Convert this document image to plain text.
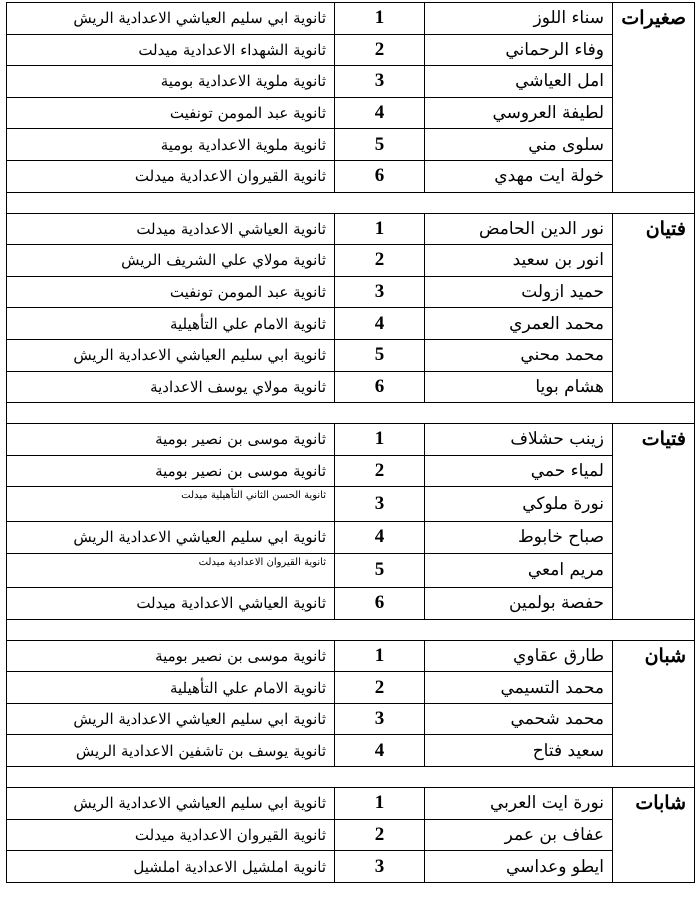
صغيرات	سناء اللوز	1	ثانوية ابي سليم العياشي الاعدادية الريش
	وفاء الرحماني	2	ثانوية الشهداء الاعدادية ميدلت
	امل العياشي	3	ثانوية ملوية الاعدادية بومية
	لطيفة العروسي	4	ثانوية عبد المومن تونفيت
	سلوى مني	5	ثانوية ملوية الاعدادية بومية
	خولة ايت مهدي	6	ثانوية القيروان الاعدادية ميدلت

فتيان	نور الدين الحامض	1	ثانوية العياشي الاعدادية ميدلت
	انور بن سعيد	2	ثانوية مولاي علي الشريف الريش
	حميد ازولت	3	ثانوية عبد المومن تونفيت
	محمد العمري	4	ثانوية الامام علي التأهيلية
	محمد محني	5	ثانوية ابي سليم العياشي الاعدادية الريش
	هشام بويا	6	ثانوية مولاي يوسف الاعدادية

فتيات	زينب حشلاف	1	ثانوية موسى بن نصير بومية
	لمياء حمي	2	ثانوية موسى بن نصير بومية
	نورة ملوكي	3	ثانوية الحسن الثاني التأهيلية ميدلت
	صباح خابوط	4	ثانوية ابي سليم العياشي الاعدادية الريش
	مريم امعي	5	ثانوية القيروان الاعدادية ميدلت
	حفصة بولمين	6	ثانوية العياشي الاعدادية ميدلت

شبان	طارق عقاوي	1	ثانوية موسى بن نصير بومية
	محمد التسيمي	2	ثانوية الامام علي التأهيلية
	محمد شحمي	3	ثانوية ابي سليم العياشي الاعدادية الريش
	سعيد فتاح	4	ثانوية يوسف بن تاشفين الاعدادية الريش

شابات	نورة ايت العربي	1	ثانوية ابي سليم العياشي الاعدادية الريش
	عفاف بن عمر	2	ثانوية القيروان الاعدادية ميدلت
	ايطو وعداسي	3	ثانوية املشيل الاعدادية املشيل
